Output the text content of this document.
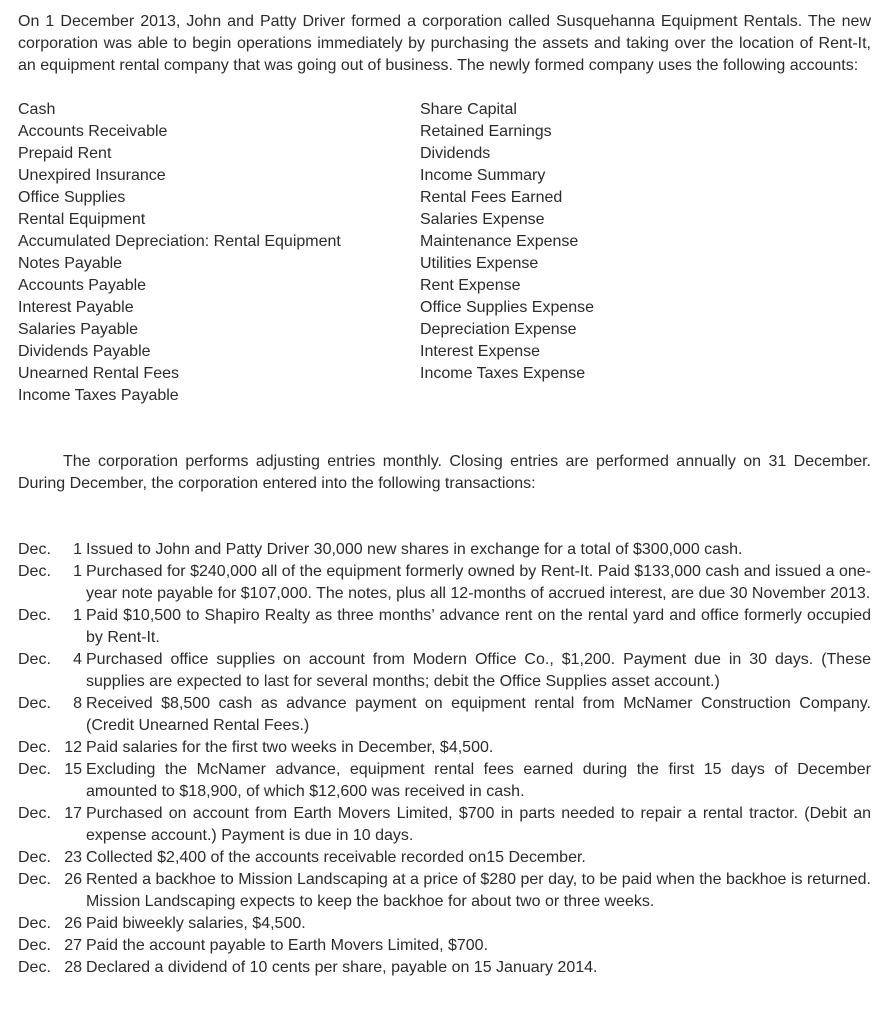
On 1 December 2013, John and Patty Driver formed a corporation called Susquehanna Equipment Rentals. The new corporation was able to begin operations immediately by purchasing the assets and taking over the location of Rent-It, an equipment rental company that was going out of business. The newly formed company uses the following accounts:

Cash
Accounts Receivable
Prepaid Rent
Unexpired Insurance
Office Supplies
Rental Equipment
Accumulated Depreciation: Rental Equipment
Notes Payable
Accounts Payable
Interest Payable
Salaries Payable
Dividends Payable
Unearned Rental Fees
Income Taxes Payable
Share Capital
Retained Earnings
Dividends
Income Summary
Rental Fees Earned
Salaries Expense
Maintenance Expense
Utilities Expense
Rent Expense
Office Supplies Expense
Depreciation Expense
Interest Expense
Income Taxes Expense

The corporation performs adjusting entries monthly. Closing entries are performed annually on 31 December. During December, the corporation entered into the following transactions:

Dec. 1 Issued to John and Patty Driver 30,000 new shares in exchange for a total of $300,000 cash.
Dec. 1 Purchased for $240,000 all of the equipment formerly owned by Rent-It. Paid $133,000 cash and issued a one-year note payable for $107,000. The notes, plus all 12-months of accrued interest, are due 30 November 2013.
Dec. 1 Paid $10,500 to Shapiro Realty as three months’ advance rent on the rental yard and office formerly occupied by Rent-It.
Dec. 4 Purchased office supplies on account from Modern Office Co., $1,200. Payment due in 30 days. (These supplies are expected to last for several months; debit the Office Supplies asset account.)
Dec. 8 Received $8,500 cash as advance payment on equipment rental from McNamer Construction Company. (Credit Unearned Rental Fees.)
Dec. 12 Paid salaries for the first two weeks in December, $4,500.
Dec. 15 Excluding the McNamer advance, equipment rental fees earned during the first 15 days of December amounted to $18,900, of which $12,600 was received in cash.
Dec. 17 Purchased on account from Earth Movers Limited, $700 in parts needed to repair a rental tractor. (Debit an expense account.) Payment is due in 10 days.
Dec. 23 Collected $2,400 of the accounts receivable recorded on15 December.
Dec. 26 Rented a backhoe to Mission Landscaping at a price of $280 per day, to be paid when the backhoe is returned. Mission Landscaping expects to keep the backhoe for about two or three weeks.
Dec. 26 Paid biweekly salaries, $4,500.
Dec. 27 Paid the account payable to Earth Movers Limited, $700.
Dec. 28 Declared a dividend of 10 cents per share, payable on 15 January 2014.
